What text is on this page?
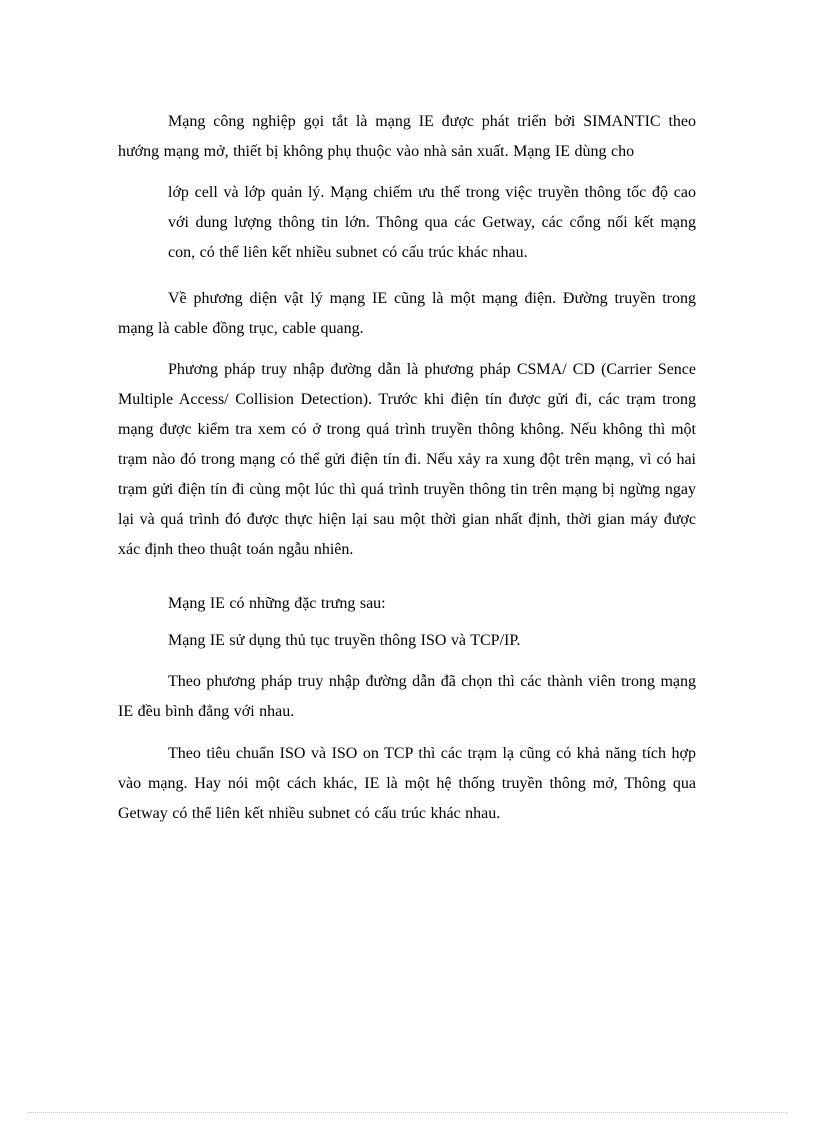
Mạng công nghiệp gọi tắt là mạng IE được phát triển bởi SIMANTIC theo hướng mạng mở, thiết bị không phụ thuộc vào nhà sản xuất. Mạng IE dùng cho

lớp cell và lớp quản lý. Mạng chiếm ưu thế trong việc truyền thông tốc độ cao với dung lượng thông tin lớn. Thông qua các Getway, các cổng nối kết mạng con, có thể liên kết nhiều subnet có cấu trúc khác nhau.

Về phương diện vật lý mạng IE cũng là một mạng điện. Đường truyền trong mạng là cable đồng trục, cable quang.

Phương pháp truy nhập đường dẫn là phương pháp CSMA/ CD (Carrier Sence Multiple Access/ Collision Detection). Trước khi điện tín được gửi đi, các trạm trong mạng được kiểm tra xem có ở trong quá trình truyền thông không. Nếu không thì một trạm nào đó trong mạng có thể gửi điện tín đi. Nếu xảy ra xung đột trên mạng, vì có hai trạm gửi điện tín đi cùng một lúc thì quá trình truyền thông tin trên mạng bị ngừng ngay lại và quá trình đó được thực hiện lại sau một thời gian nhất định, thời gian máy được xác định theo thuật toán ngẫu nhiên.

Mạng IE có những đặc trưng sau:

Mạng IE sử dụng thủ tục truyền thông ISO và TCP/IP.

Theo phương pháp truy nhập đường dẫn đã chọn thì các thành viên trong mạng IE đều bình đẳng với nhau.

Theo tiêu chuẩn ISO và ISO on TCP thì các trạm lạ cũng có khả năng tích hợp vào mạng. Hay nói một cách khác, IE là một hệ thống truyền thông mở, Thông qua Getway có thể liên kết nhiều subnet có cấu trúc khác nhau.
